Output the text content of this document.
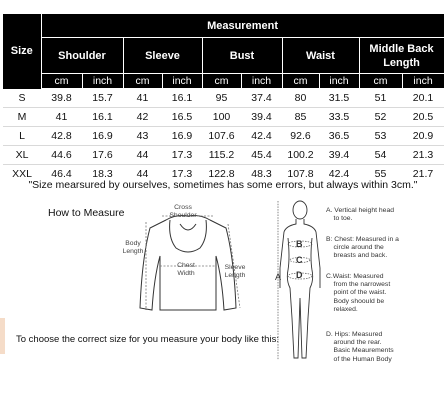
Size	Measurement									
	Shoulder		Sleeve		Bust		Waist		Middle Back Length	
	cm	inch	cm	inch	cm	inch	cm	inch	cm	inch
S	39.8	15.7	41	16.1	95	37.4	80	31.5	51	20.1
M	41	16.1	42	16.5	100	39.4	85	33.5	52	20.5
L	42.8	16.9	43	16.9	107.6	42.4	92.6	36.5	53	20.9
XL	44.6	17.6	44	17.3	115.2	45.4	100.2	39.4	54	21.3
XXL	46.4	18.3	44	17.3	122.8	48.3	107.8	42.4	55	21.7
"Size mearsured by ourselves, sometimes has some errors, but always within 3cm."
How to Measure	Cross
Shoulder
Body
Length
Chest
Width
Sleeve
Length
To choose the correct size for you measure your body like this:
A
B
C
D
A. Vertical height head
to toe.
B: Chest: Measured in a
circle around the
breasts and back.
C.Waist: Measured
from the narrowest
point of the waist.
Body shoould be
relaxed.
D. Hips: Measured
around the rear.
Basic Meaurements
of the Human Body
